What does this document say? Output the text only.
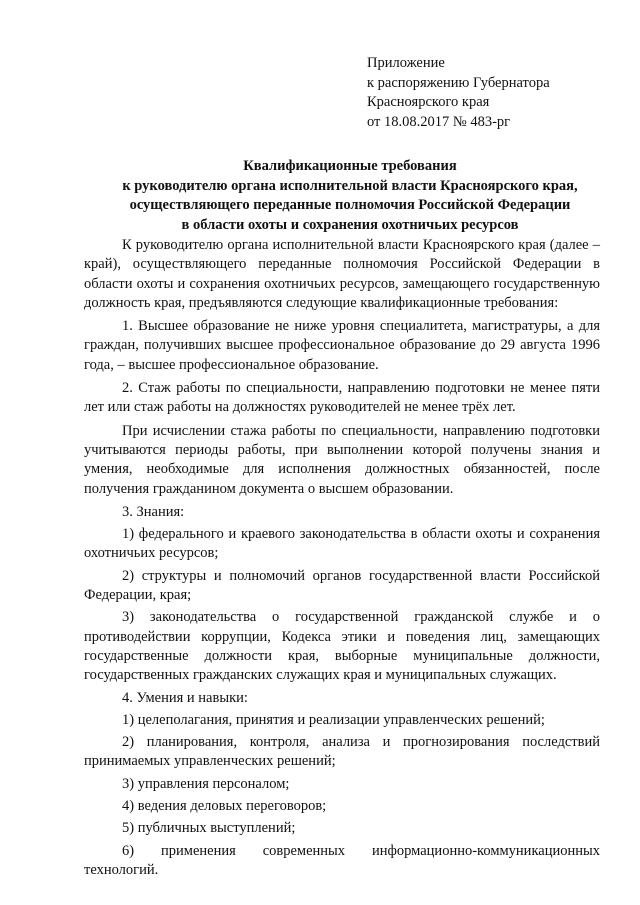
Приложение
к распоряжению Губернатора
Красноярского края
от 18.08.2017 № 483-рг
Квалификационные требования
к руководителю органа исполнительной власти Красноярского края,
осуществляющего переданные полномочия Российской Федерации
в области охоты и сохранения охотничьих ресурсов

К руководителю органа исполнительной власти Красноярского края (далее – край), осуществляющего переданные полномочия Российской Федерации в области охоты и сохранения охотничьих ресурсов, замещающего государственную должность края, предъявляются следующие квалификационные требования:

1. Высшее образование не ниже уровня специалитета, магистратуры, а для граждан, получивших высшее профессиональное образование до 29 августа 1996 года, – высшее профессиональное образование.

2. Стаж работы по специальности, направлению подготовки не менее пяти лет или стаж работы на должностях руководителей не менее трёх лет.

При исчислении стажа работы по специальности, направлению подготовки учитываются периоды работы, при выполнении которой получены знания и умения, необходимые для исполнения должностных обязанностей, после получения гражданином документа о высшем образовании.

3. Знания:

1) федерального и краевого законодательства в области охоты и сохранения охотничьих ресурсов;

2) структуры и полномочий органов государственной власти Российской Федерации, края;

3) законодательства о государственной гражданской службе и о противодействии коррупции, Кодекса этики и поведения лиц, замещающих государственные должности края, выборные муниципальные должности, государственных гражданских служащих края и муниципальных служащих.

4. Умения и навыки:

1) целеполагания, принятия и реализации управленческих решений;

2) планирования, контроля, анализа и прогнозирования последствий принимаемых управленческих решений;

3) управления персоналом;

4) ведения деловых переговоров;

5) публичных выступлений;

6) применения современных информационно-коммуникационных технологий.
